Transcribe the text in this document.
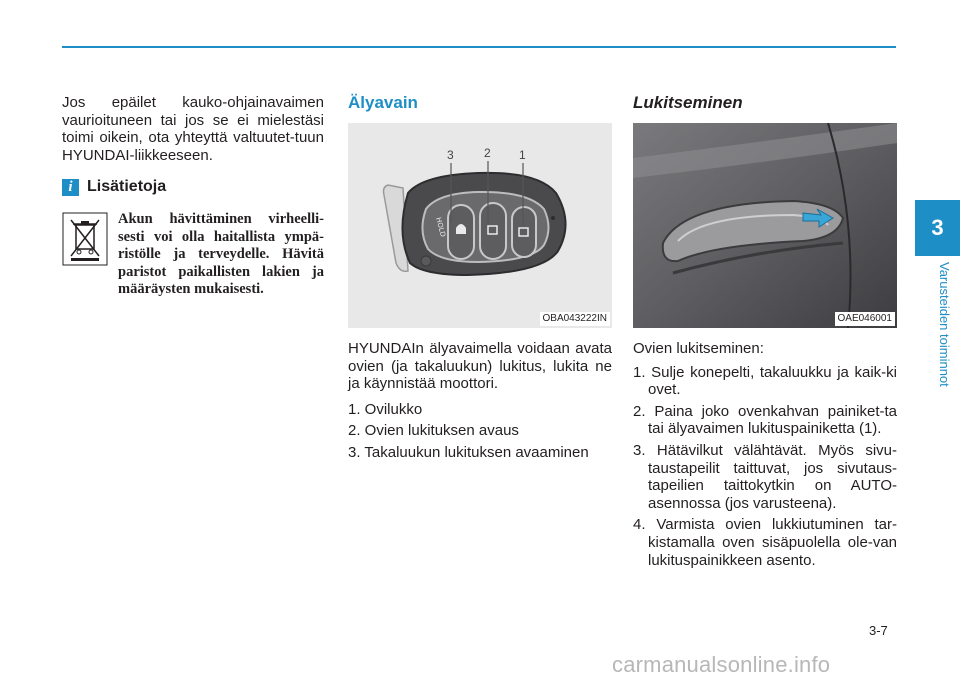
Jos epäilet kauko-ohjainavaimen vaurioituneen tai jos se ei mielestäsi toimi oikein, ota yhteyttä valtuutet-tuun HYUNDAI-liikkeeseen.

i Lisätietoja
Akun hävittäminen virheelli-sesti voi olla haitallista ympä-ristölle ja terveydelle. Hävitä paristot paikallisten lakien ja määräysten mukaisesti.

Älyavain

HOLD
3	2 1
OBA043222IN

HYUNDAIn älyavaimella voidaan avata ovien (ja takaluukun) lukitus, lukita ne ja käynnistää moottori.

1. Ovilukko
2. Ovien lukituksen avaus
3. Takaluukun lukituksen avaaminen

Lukitseminen

OAE046001

Ovien lukitseminen:

1. Sulje konepelti, takaluukku ja kaik-ki ovet.
2. Paina joko ovenkahvan painiket-ta tai älyavaimen lukituspainiketta (1).
3. Hätävilkut välähtävät. Myös sivu-taustapeilit taittuvat, jos sivutaus-tapeilien taittokytkin on AUTO-asennossa (jos varusteena).
4. Varmista ovien lukkiutuminen tar-kistamalla oven sisäpuolella ole-van lukituspainikkeen asento.
3
Varusteiden toiminnot
3-7
carmanualsonline.info
